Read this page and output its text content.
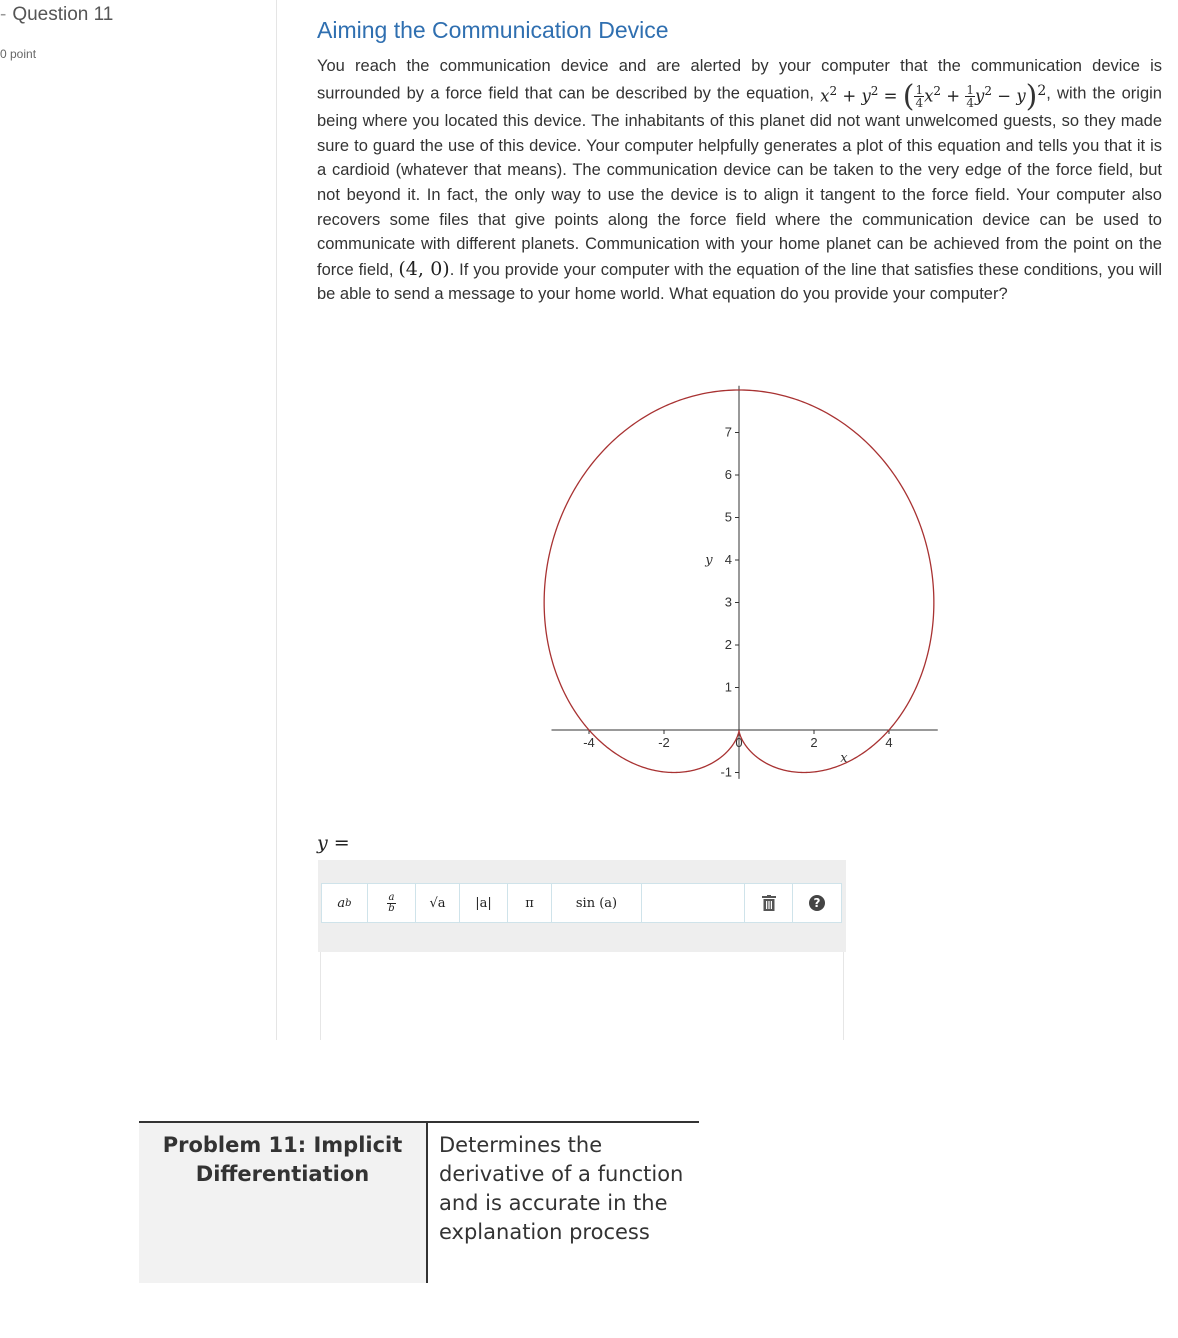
- Question 11
0 point
Aiming the Communication Device

You reach the communication device and are alerted by your computer that the communication device is surrounded by a force field that can be described by the equation, $x^2 + y^2$ = ( $\frac{1}{4} x^2 + \frac{1}{4} y^2 - y)^2$, with the origin being where you located this device. The inhabitants of this planet did not want unwelcomed guests, so they made sure to guard the use of this device. Your computer helpfully generates a plot of this equation and tells you that it is a cardioid (whatever that means). The communication device can be taken to the very edge of the force field, but not beyond it. In fact, the only way to use the device is to align it tangent to the force field. Your computer also recovers some files that give points along the force field where the communication device can be used to communicate with different planets. Communication with your home planet can be achieved from the point on the force field, (4, 0). If you provide your computer with the equation of the line that satisfies these conditions, you will be able to send a message to your home world. What equation do you provide your computer?

-4	-2	0	2	4
-1
1
2
3
4
5
6
7
y
x
y =
a b	$\frac{a}{b}$	√a	|a|	π	sin (a)	?
Problem 11: Implicit Differentiation
Determines the derivative of a function and is accurate in the explanation process
